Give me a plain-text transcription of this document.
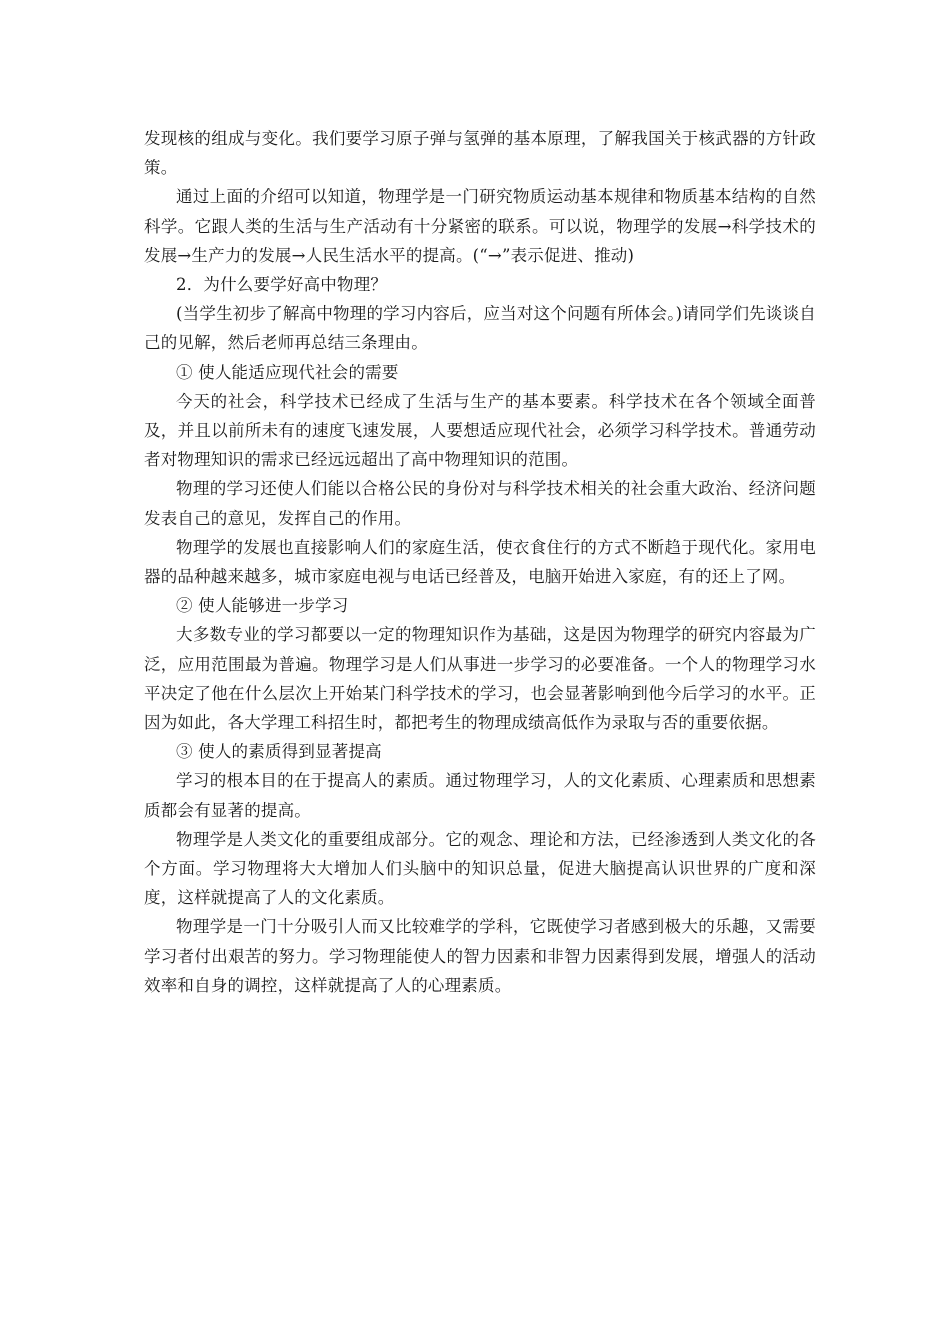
发现核的组成与变化。我们要学习原子弹与氢弹的基本原理，了解我国关于核武器的方针政策。

通过上面的介绍可以知道，物理学是一门研究物质运动基本规律和物质基本结构的自然科学。它跟人类的生活与生产活动有十分紧密的联系。可以说，物理学的发展→科学技术的发展→生产力的发展→人民生活水平的提高。(“→”表示促进、推动)

2．为什么要学好高中物理？

(当学生初步了解高中物理的学习内容后，应当对这个问题有所体会。)请同学们先谈谈自己的见解，然后老师再总结三条理由。

① 使人能适应现代社会的需要

今天的社会，科学技术已经成了生活与生产的基本要素。科学技术在各个领域全面普及，并且以前所未有的速度飞速发展，人要想适应现代社会，必须学习科学技术。普通劳动者对物理知识的需求已经远远超出了高中物理知识的范围。

物理的学习还使人们能以合格公民的身份对与科学技术相关的社会重大政治、经济问题发表自己的意见，发挥自己的作用。

物理学的发展也直接影响人们的家庭生活，使衣食住行的方式不断趋于现代化。家用电器的品种越来越多，城市家庭电视与电话已经普及，电脑开始进入家庭，有的还上了网。

② 使人能够进一步学习

大多数专业的学习都要以一定的物理知识作为基础，这是因为物理学的研究内容最为广泛，应用范围最为普遍。物理学习是人们从事进一步学习的必要准备。一个人的物理学习水平决定了他在什么层次上开始某门科学技术的学习，也会显著影响到他今后学习的水平。正因为如此，各大学理工科招生时，都把考生的物理成绩高低作为录取与否的重要依据。

③ 使人的素质得到显著提高

学习的根本目的在于提高人的素质。通过物理学习，人的文化素质、心理素质和思想素质都会有显著的提高。

物理学是人类文化的重要组成部分。它的观念、理论和方法，已经渗透到人类文化的各个方面。学习物理将大大增加人们头脑中的知识总量，促进大脑提高认识世界的广度和深度，这样就提高了人的文化素质。

物理学是一门十分吸引人而又比较难学的学科，它既使学习者感到极大的乐趣，又需要学习者付出艰苦的努力。学习物理能使人的智力因素和非智力因素得到发展，增强人的活动效率和自身的调控，这样就提高了人的心理素质。
